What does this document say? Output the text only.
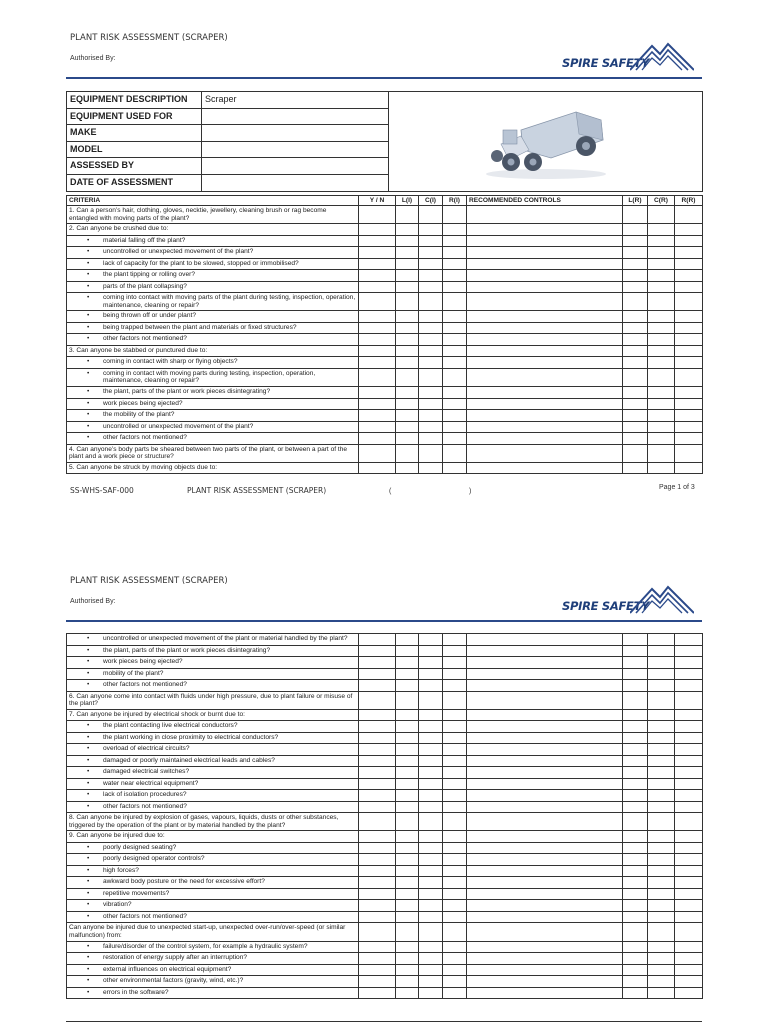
PLANT RISK ASSESSMENT (SCRAPER)
Authorised By:	SPIRE SAFETY
EQUIPMENT DESCRIPTION	Scraper	
EQUIPMENT USED FOR		
MAKE		
MODEL		
ASSESSED BY		
DATE OF ASSESSMENT		
CRITERIA	Y / N	L(I)	C(I)	R(I)	RECOMMENDED CONTROLS	L(R)	C(R)	R(R)
1. Can a person’s hair, clothing, gloves, necktie, jewellery, cleaning brush or rag become entangled with moving parts of the plant?								
2. Can anyone be crushed due to:								

• material falling off the plant?								

• uncontrolled or unexpected movement of the plant?								

• lack of capacity for the plant to be slowed, stopped or immobilised?								

• the plant tipping or rolling over?								

• parts of the plant collapsing?								

• coming into contact with moving parts of the plant during testing, inspection, operation, maintenance, cleaning or repair?								

• being thrown off or under plant?								

• being trapped between the plant and materials or fixed structures?								

• other factors not mentioned?								

3. Can anyone be stabbed or punctured due to:								

• coming in contact with sharp or flying objects?								

• coming in contact with moving parts during testing, inspection, operation, maintenance, cleaning or repair?								

• the plant, parts of the plant or work pieces disintegrating?								

• work pieces being ejected?								

• the mobility of the plant?								

• uncontrolled or unexpected movement of the plant?								

• other factors not mentioned?								

4. Can anyone’s body parts be sheared between two parts of the plant, or between a part of the plant and a work piece or structure?								
5. Can anyone be struck by moving objects due to:								
SS-WHS-SAF-000	PLANT RISK ASSESSMENT (SCRAPER)	(	)
Page 1 of 3
PLANT RISK ASSESSMENT (SCRAPER)
Authorised By:	SPIRE SAFETY
• uncontrolled or unexpected movement of the plant or material handled by the plant?								

• the plant, parts of the plant or work pieces disintegrating?								

• work pieces being ejected?								

• mobility of the plant?								

• other factors not mentioned?								

6. Can anyone come into contact with fluids under high pressure, due to plant failure or misuse of the plant?								
7. Can anyone be injured by electrical shock or burnt due to:								

• the plant contacting live electrical conductors?								

• the plant working in close proximity to electrical conductors?								

• overload of electrical circuits?								

• damaged or poorly maintained electrical leads and cables?								

• damaged electrical switches?								

• water near electrical equipment?								

• lack of isolation procedures?								

• other factors not mentioned?								

8. Can anyone be injured by explosion of gases, vapours, liquids, dusts or other substances, triggered by the operation of the plant or by material handled by the plant?								
9. Can anyone be injured due to:								

• poorly designed seating?								

• poorly designed operator controls?								

• high forces?								

• awkward body posture or the need for excessive effort?								

• repetitive movements?								

• vibration?								

• other factors not mentioned?								

Can anyone be injured due to unexpected start-up, unexpected over-run/over-speed (or similar malfunction) from:								

• failure/disorder of the control system, for example a hydraulic system?								

• restoration of energy supply after an interruption?								

• external influences on electrical equipment?								

• other environmental factors (gravity, wind, etc.)?								

• errors in the software?								
